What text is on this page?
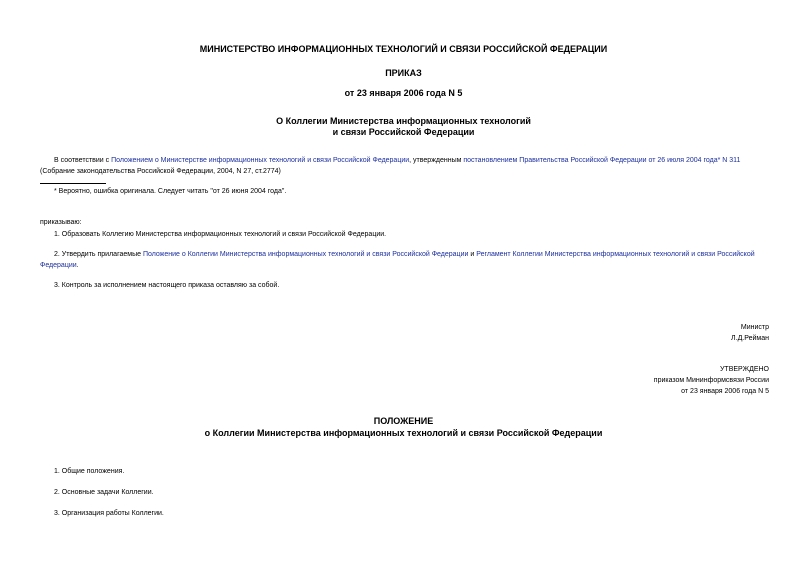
МИНИСТЕРСТВО ИНФОРМАЦИОННЫХ ТЕХНОЛОГИЙ И СВЯЗИ РОССИЙСКОЙ ФЕДЕРАЦИИ
ПРИКАЗ
от 23 января 2006 года N 5
О Коллегии Министерства информационных технологий
и связи Российской Федерации
В соответствии с Положением о Министерстве информационных технологий и связи Российской Федерации, утвержденным постановлением Правительства Российской Федерации от 26 июля 2004 года* N 311
(Собрание законодательства Российской Федерации, 2004, N 27, ст.2774)
* Вероятно, ошибка оригинала. Следует читать "от 26 июня 2004 года".
приказываю:
1. Образовать Коллегию Министерства информационных технологий и связи Российской Федерации.
2. Утвердить прилагаемые Положение о Коллегии Министерства информационных технологий и связи Российской Федерации и Регламент Коллегии Министерства информационных технологий и связи Российской
Федерации.
3. Контроль за исполнением настоящего приказа оставляю за собой.
Министр
Л.Д.Рейман
УТВЕРЖДЕНО
приказом Мининформсвязи России
от 23 января 2006 года N 5
ПОЛОЖЕНИЕ
о Коллегии Министерства информационных технологий и связи Российской Федерации
1. Общие положения.
2. Основные задачи Коллегии.
3. Организация работы Коллегии.
